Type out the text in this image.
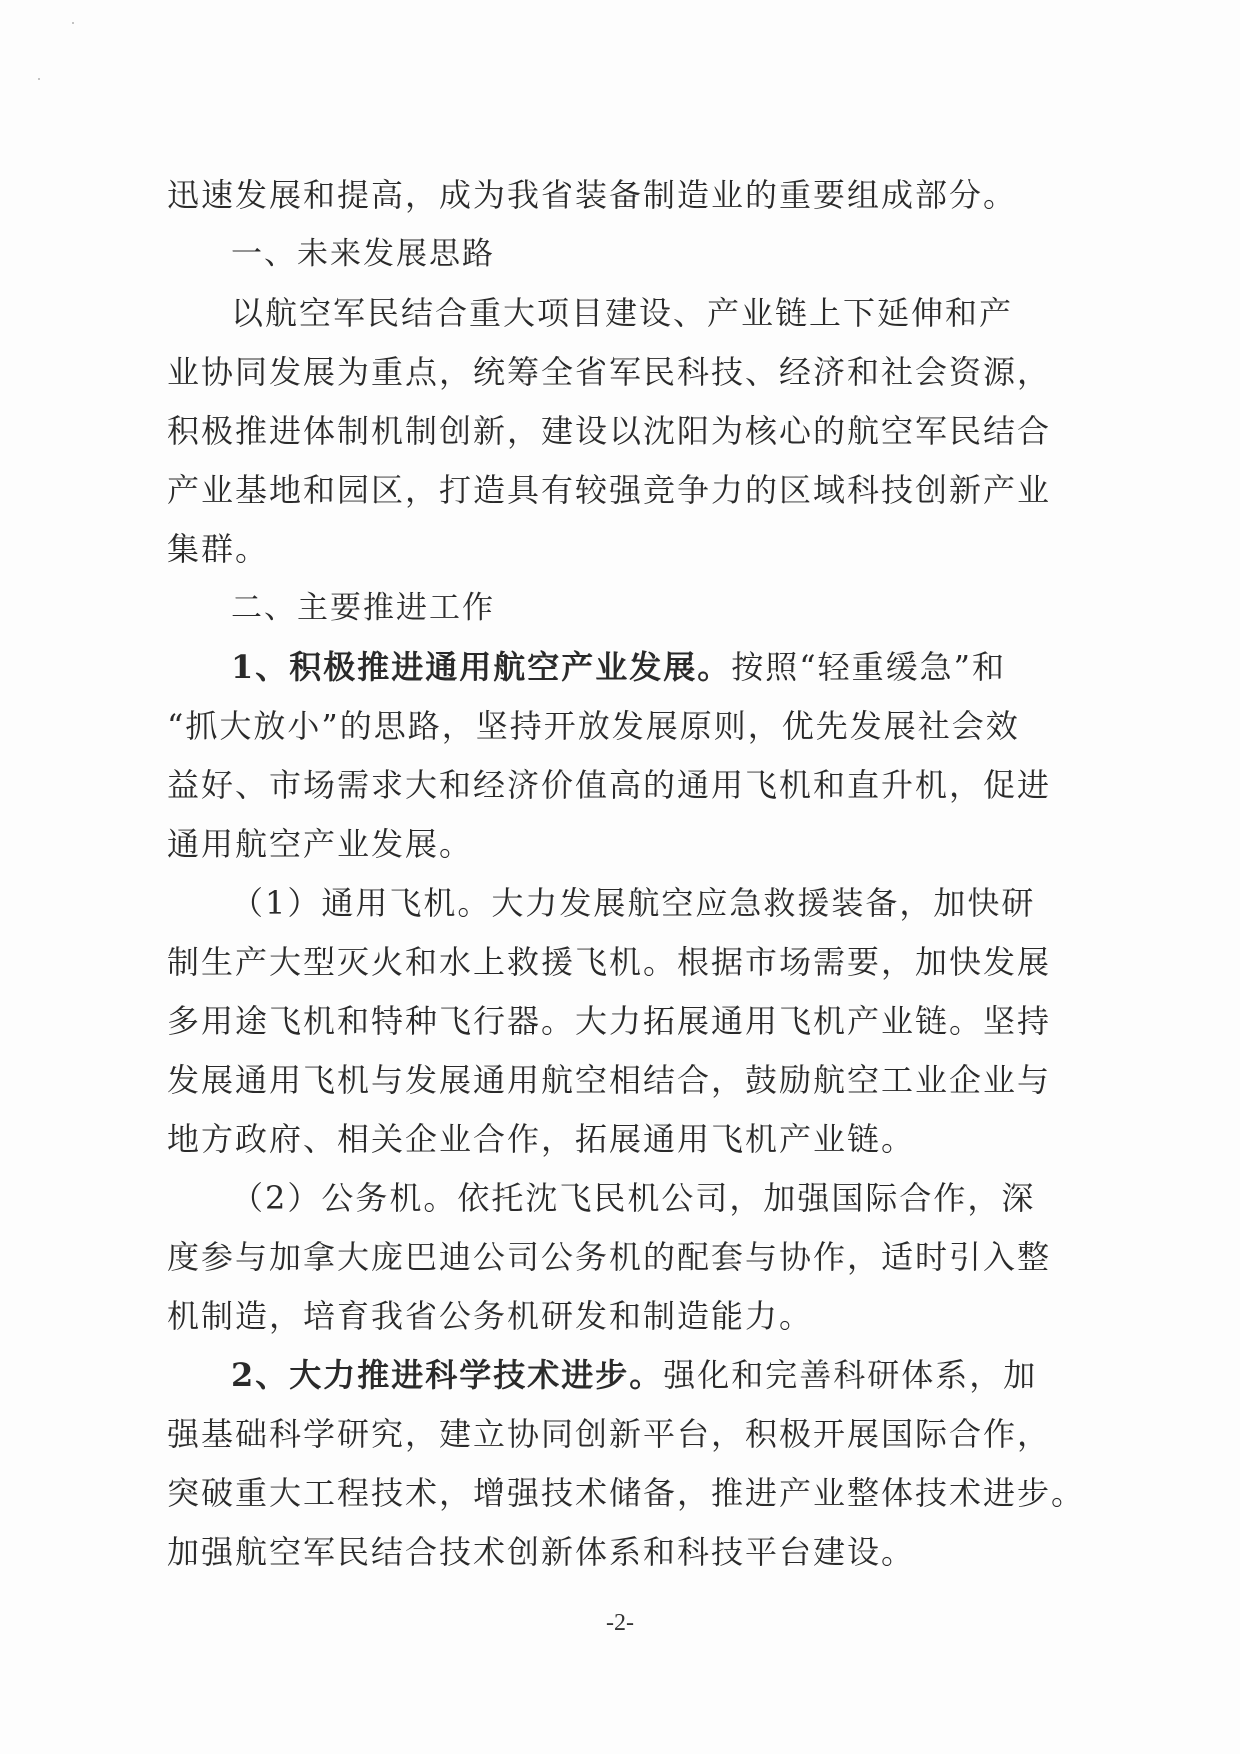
迅速发展和提高，成为我省装备制造业的重要组成部分。
一、未来发展思路
以航空军民结合重大项目建设、产业链上下延伸和产
业协同发展为重点，统筹全省军民科技、经济和社会资源，
积极推进体制机制创新，建设以沈阳为核心的航空军民结合
产业基地和园区，打造具有较强竞争力的区域科技创新产业
集群。
二、主要推进工作
1、积极推进通用航空产业发展。按照“轻重缓急”和
“抓大放小”的思路，坚持开放发展原则，优先发展社会效
益好、市场需求大和经济价值高的通用飞机和直升机，促进
通用航空产业发展。
（1）通用飞机。大力发展航空应急救援装备，加快研
制生产大型灭火和水上救援飞机。根据市场需要，加快发展
多用途飞机和特种飞行器。大力拓展通用飞机产业链。坚持
发展通用飞机与发展通用航空相结合，鼓励航空工业企业与
地方政府、相关企业合作，拓展通用飞机产业链。
（2）公务机。依托沈飞民机公司，加强国际合作，深
度参与加拿大庞巴迪公司公务机的配套与协作，适时引入整
机制造，培育我省公务机研发和制造能力。
2、大力推进科学技术进步。强化和完善科研体系，加
强基础科学研究，建立协同创新平台，积极开展国际合作，
突破重大工程技术，增强技术储备，推进产业整体技术进步。
加强航空军民结合技术创新体系和科技平台建设。
-2-
